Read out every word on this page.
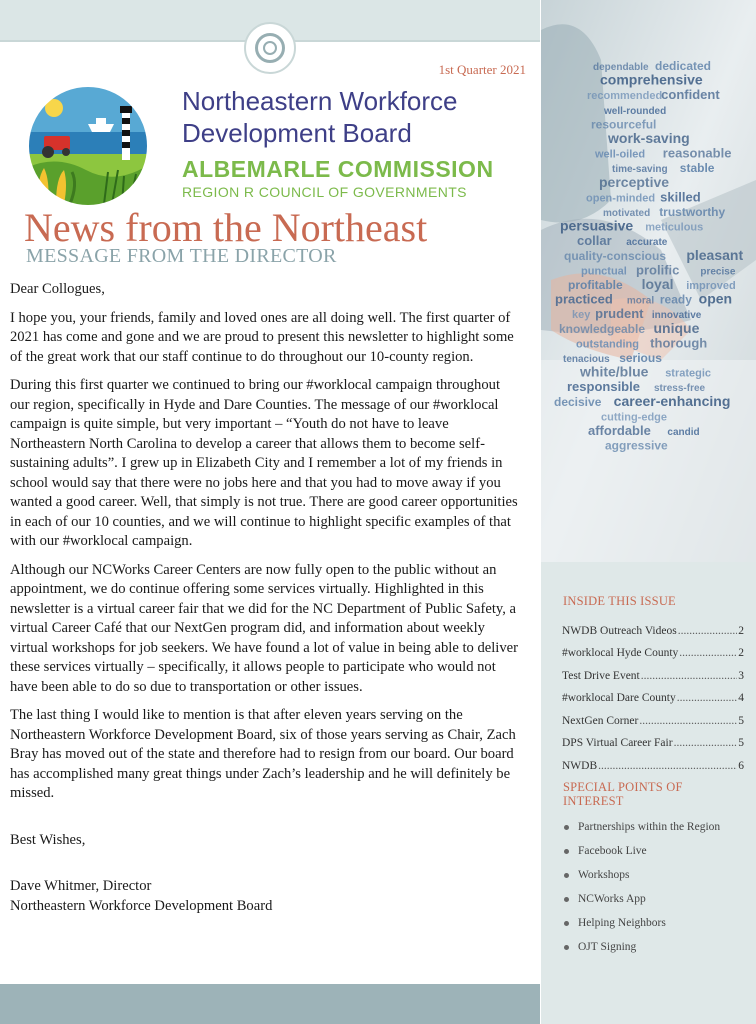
1st Quarter 2021
Northeastern Workforce
Development Board
ALBEMARLE COMMISSION
REGION R COUNCIL OF GOVERNMENTS
News from the Northeast
MESSAGE FROM THE DIRECTOR

Dear Collogues,

I hope you, your friends, family and loved ones are all doing well. The first quarter of 2021 has come and gone and we are proud to present this newsletter to highlight some of the great work that our staff continue to do throughout our 10-county region.

During this first quarter we continued to bring our #worklocal campaign throughout our region, specifically in Hyde and Dare Counties. The message of our #worklocal campaign is quite simple, but very important – “Youth do not have to leave Northeastern North Carolina to develop a career that allows them to become self-sustaining adults”. I grew up in Elizabeth City and I remember a lot of my friends in school would say that there were no jobs here and that you had to move away if you wanted a good career. Well, that simply is not true. There are good career opportunities in each of our 10 counties, and we will continue to highlight specific examples of that with our #worklocal campaign.

Although our NCWorks Career Centers are now fully open to the public without an appointment, we do continue offering some services virtually. Highlighted in this newsletter is a virtual career fair that we did for the NC Department of Public Safety, a virtual Career Café that our NextGen program did, and information about weekly virtual workshops for job seekers. We have found a lot of value in being able to deliver these services virtually – specifically, it allows people to participate who would not have been able to do so due to transportation or other issues.

The last thing I would like to mention is that after eleven years serving on the Northeastern Workforce Development Board, six of those years serving as Chair, Zach Bray has moved out of the state and therefore had to resign from our board. Our board has accomplished many great things under Zach’s leadership and he will definitely be missed.

Best Wishes,

Dave Whitmer, Director

Northeastern Workforce Development Board

dependable dedicated
comprehensive
recommended
confident
well-rounded
resourceful
work-saving
well-oiled reasonable
time-saving stable
perceptive
open-minded skilled
motivated trustworthy
persuasive meticulous
collar accurate
quality-conscious pleasant
punctual prolific precise
profitable loyal improved
practiced moral ready open
key prudent innovative
knowledgeable unique
outstanding thorough
tenacious serious
white/blue strategic
responsible stress-free
decisive career-enhancing
cutting-edge
affordable candid
aggressive
INSIDE THIS ISSUE
NWDB Outreach Videos .....	2
#worklocal Hyde County .....	2
Test Drive Event .....	3
#worklocal Dare County .....	4
NextGen Corner .....	5
DPS Virtual Career Fair .....	5
NWDB .....	6
SPECIAL POINTS OF INTEREST
Partnerships within the Region
Facebook Live
Workshops
NCWorks App
Helping Neighbors
OJT Signing
